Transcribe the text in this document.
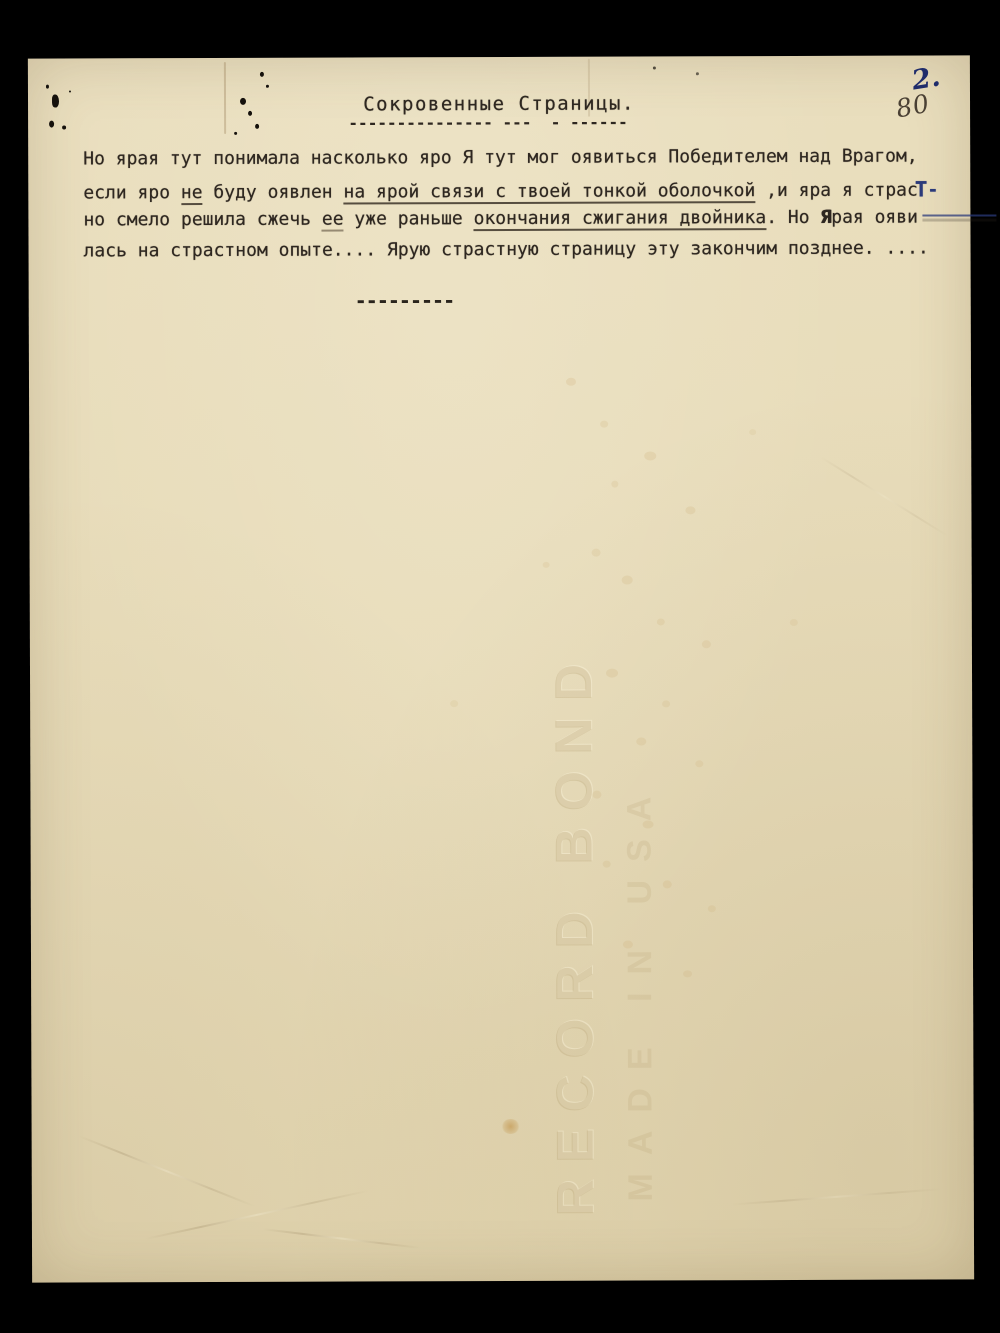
RECORD BOND MADE IN USA
Сокровенные Страницы.
--------------- ---  - ------
2.
80
Но ярая тут понимала насколько яро Я тут мог оявиться Победителем над Врагом,
если яро не буду оявлен на ярой связи с твоей тонкой оболочкой ,и яра я страсТ-
но смело решила сжечь ее уже раньше окончания сжигания двойника. Но Ярая ояви
лась на страстном опыте.... Ярую страстную страницу эту закончим позднее. ....
---------
